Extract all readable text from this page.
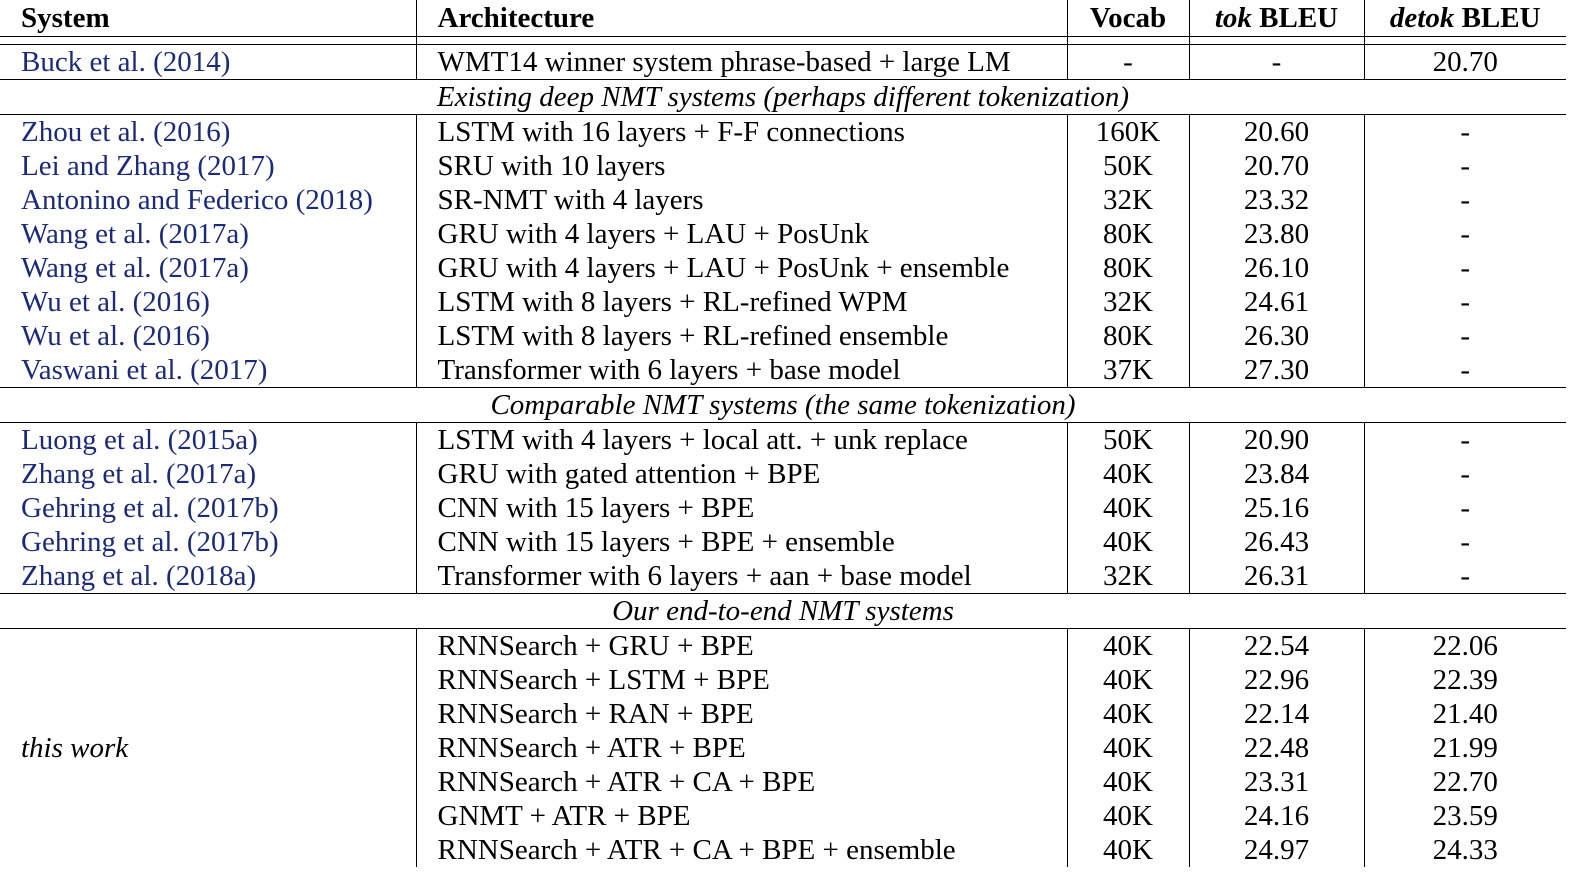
System	Architecture	Vocab	tok BLEU	detok BLEU

Buck et al. (2014)	WMT14 winner system phrase-based + large LM	-	-	20.70
Existing deep NMT systems (perhaps different tokenization)				
Zhou et al. (2016)	LSTM with 16 layers + F-F connections	160K	20.60	-
Lei and Zhang (2017)	SRU with 10 layers	50K	20.70	-
Antonino and Federico (2018)	SR-NMT with 4 layers	32K	23.32	-
Wang et al. (2017a)	GRU with 4 layers + LAU + PosUnk	80K	23.80	-
Wang et al. (2017a)	GRU with 4 layers + LAU + PosUnk + ensemble	80K	26.10	-
Wu et al. (2016)	LSTM with 8 layers + RL-refined WPM	32K	24.61	-
Wu et al. (2016)	LSTM with 8 layers + RL-refined ensemble	80K	26.30	-
Vaswani et al. (2017)	Transformer with 6 layers + base model	37K	27.30	-
Comparable NMT systems (the same tokenization)				
Luong et al. (2015a)	LSTM with 4 layers + local att. + unk replace	50K	20.90	-
Zhang et al. (2017a)	GRU with gated attention + BPE	40K	23.84	-
Gehring et al. (2017b)	CNN with 15 layers + BPE	40K	25.16	-
Gehring et al. (2017b)	CNN with 15 layers + BPE + ensemble	40K	26.43	-
Zhang et al. (2018a)	Transformer with 6 layers + aan + base model	32K	26.31	-
Our end-to-end NMT systems				
this work	RNNSearch + GRU + BPE	40K	22.54	22.06
	RNNSearch + LSTM + BPE	40K	22.96	22.39
	RNNSearch + RAN + BPE	40K	22.14	21.40
	RNNSearch + ATR + BPE	40K	22.48	21.99
	RNNSearch + ATR + CA + BPE	40K	23.31	22.70
	GNMT + ATR + BPE	40K	24.16	23.59
	RNNSearch + ATR + CA + BPE + ensemble	40K	24.97	24.33
